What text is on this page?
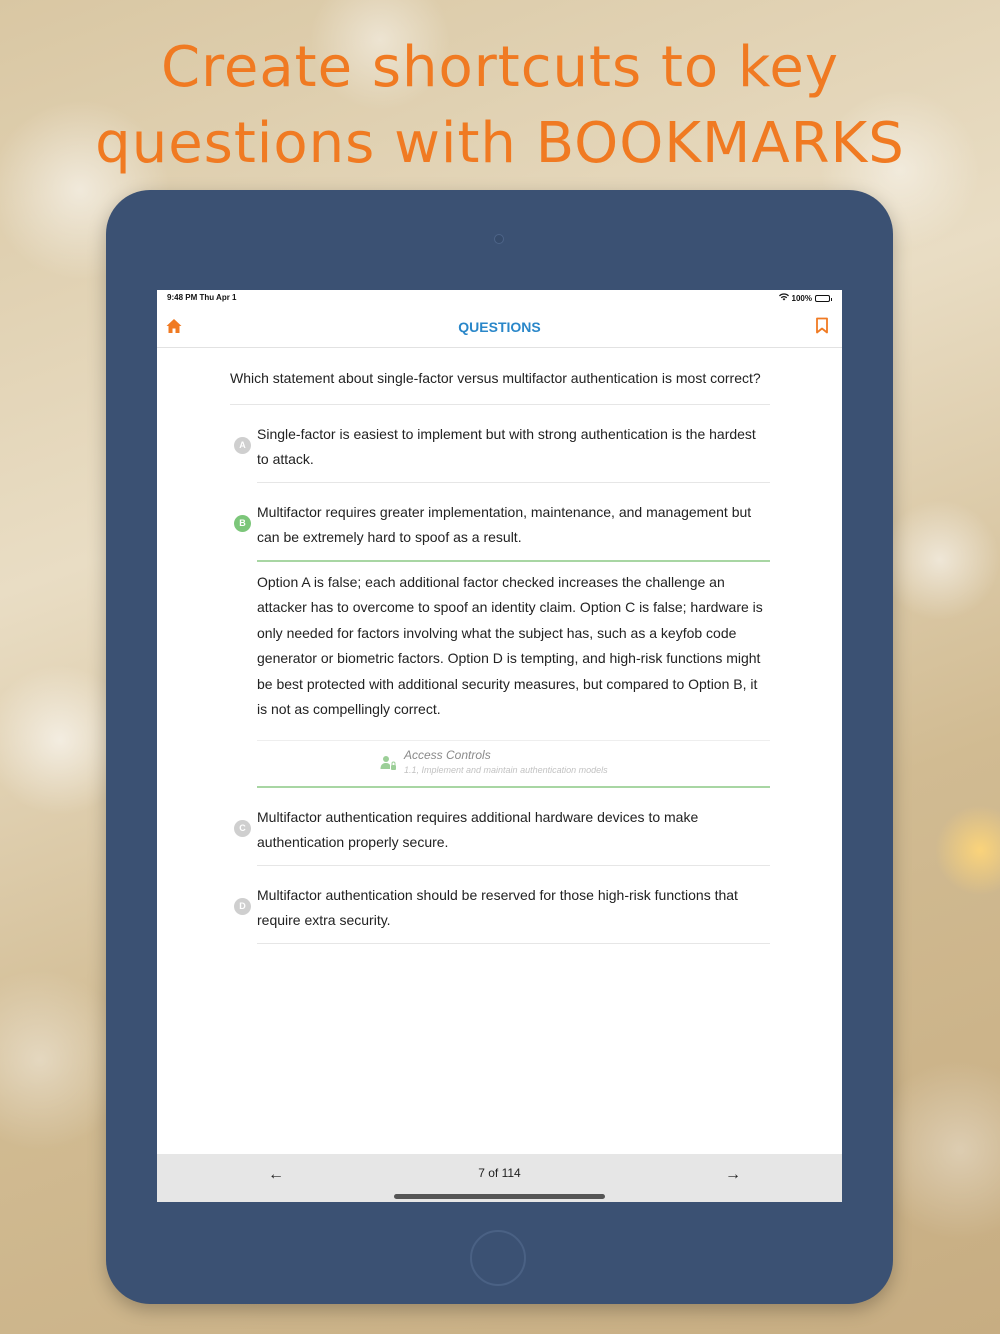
Create shortcuts to key
questions with BOOKMARKS
9:48 PM Thu Apr 1	100%
QUESTIONS
Which statement about single-factor versus multifactor authentication is most correct?
A
Single-factor is easiest to implement but with strong authentication is the hardest to attack.
B
Multifactor requires greater implementation, maintenance, and management but can be extremely hard to spoof as a result.
Option A is false; each additional factor checked increases the challenge an attacker has to overcome to spoof an identity claim. Option C is false; hardware is only needed for factors involving what the subject has, such as a keyfob code generator or biometric factors. Option D is tempting, and high-risk functions might be best protected with additional security measures, but compared to Option B, it is not as compellingly correct.
Access Controls
1.1, Implement and maintain authentication models
C
Multifactor authentication requires additional hardware devices to make authentication properly secure.
D
Multifactor authentication should be reserved for those high-risk functions that require extra security.
←	7 of 114	→
